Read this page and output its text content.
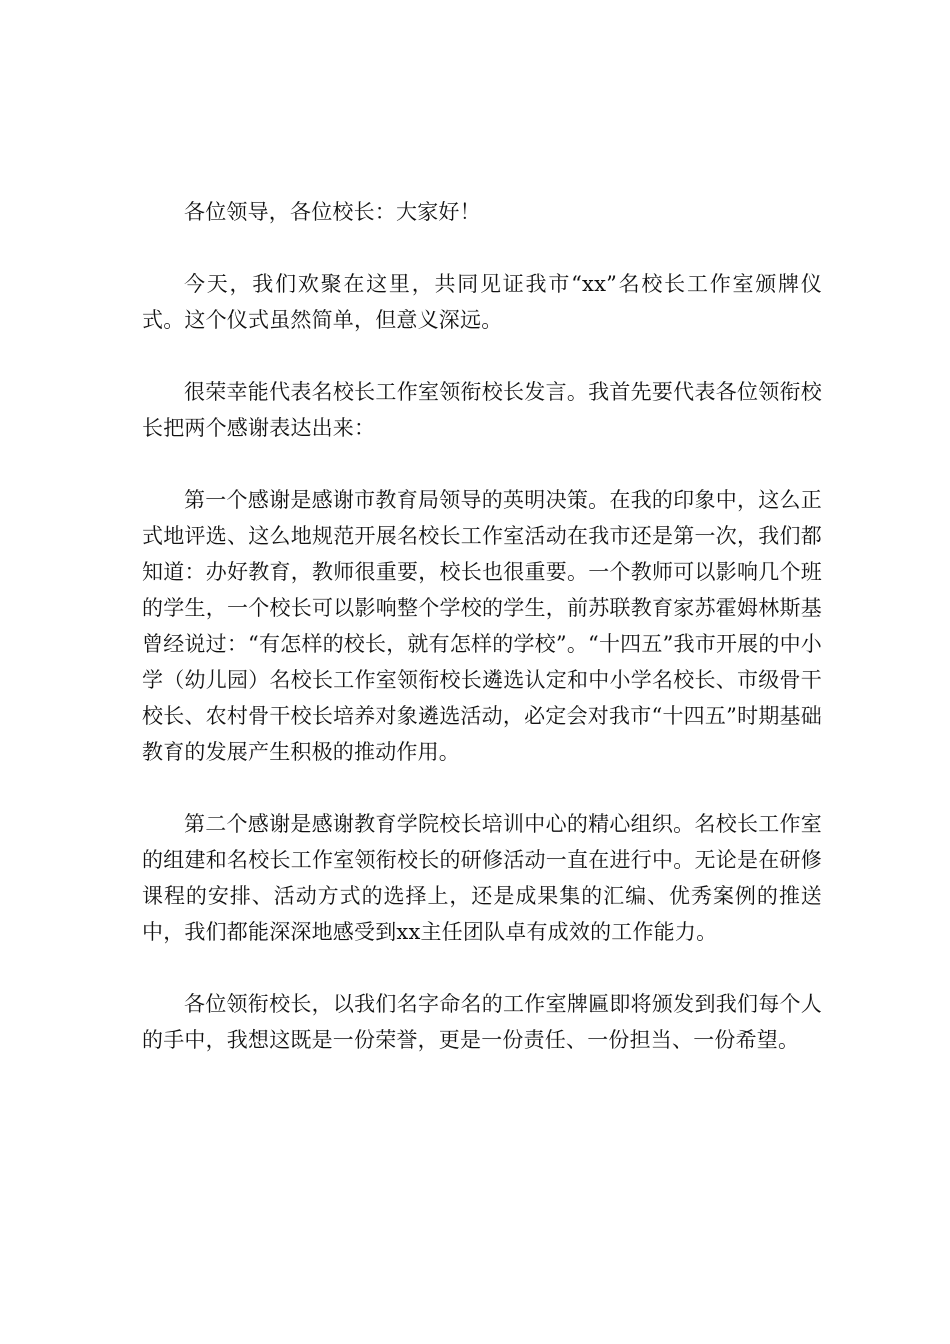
各位领导，各位校长：大家好！

今天，我们欢聚在这里，共同见证我市“xx”名校长工作室颁牌仪式。这个仪式虽然简单，但意义深远。

很荣幸能代表名校长工作室领衔校长发言。我首先要代表各位领衔校长把两个感谢表达出来：

第一个感谢是感谢市教育局领导的英明决策。在我的印象中，这么正式地评选、这么地规范开展名校长工作室活动在我市还是第一次，我们都知道：办好教育，教师很重要，校长也很重要。一个教师可以影响几个班的学生，一个校长可以影响整个学校的学生，前苏联教育家苏霍姆林斯基曾经说过：“有怎样的校长，就有怎样的学校”。“十四五”我市开展的中小学（幼儿园）名校长工作室领衔校长遴选认定和中小学名校长、市级骨干校长、农村骨干校长培养对象遴选活动，必定会对我市“十四五”时期基础教育的发展产生积极的推动作用。

第二个感谢是感谢教育学院校长培训中心的精心组织。名校长工作室的组建和名校长工作室领衔校长的研修活动一直在进行中。无论是在研修课程的安排、活动方式的选择上，还是成果集的汇编、优秀案例的推送中，我们都能深深地感受到xx主任团队卓有成效的工作能力。

各位领衔校长，以我们名字命名的工作室牌匾即将颁发到我们每个人的手中，我想这既是一份荣誉，更是一份责任、一份担当、一份希望。
